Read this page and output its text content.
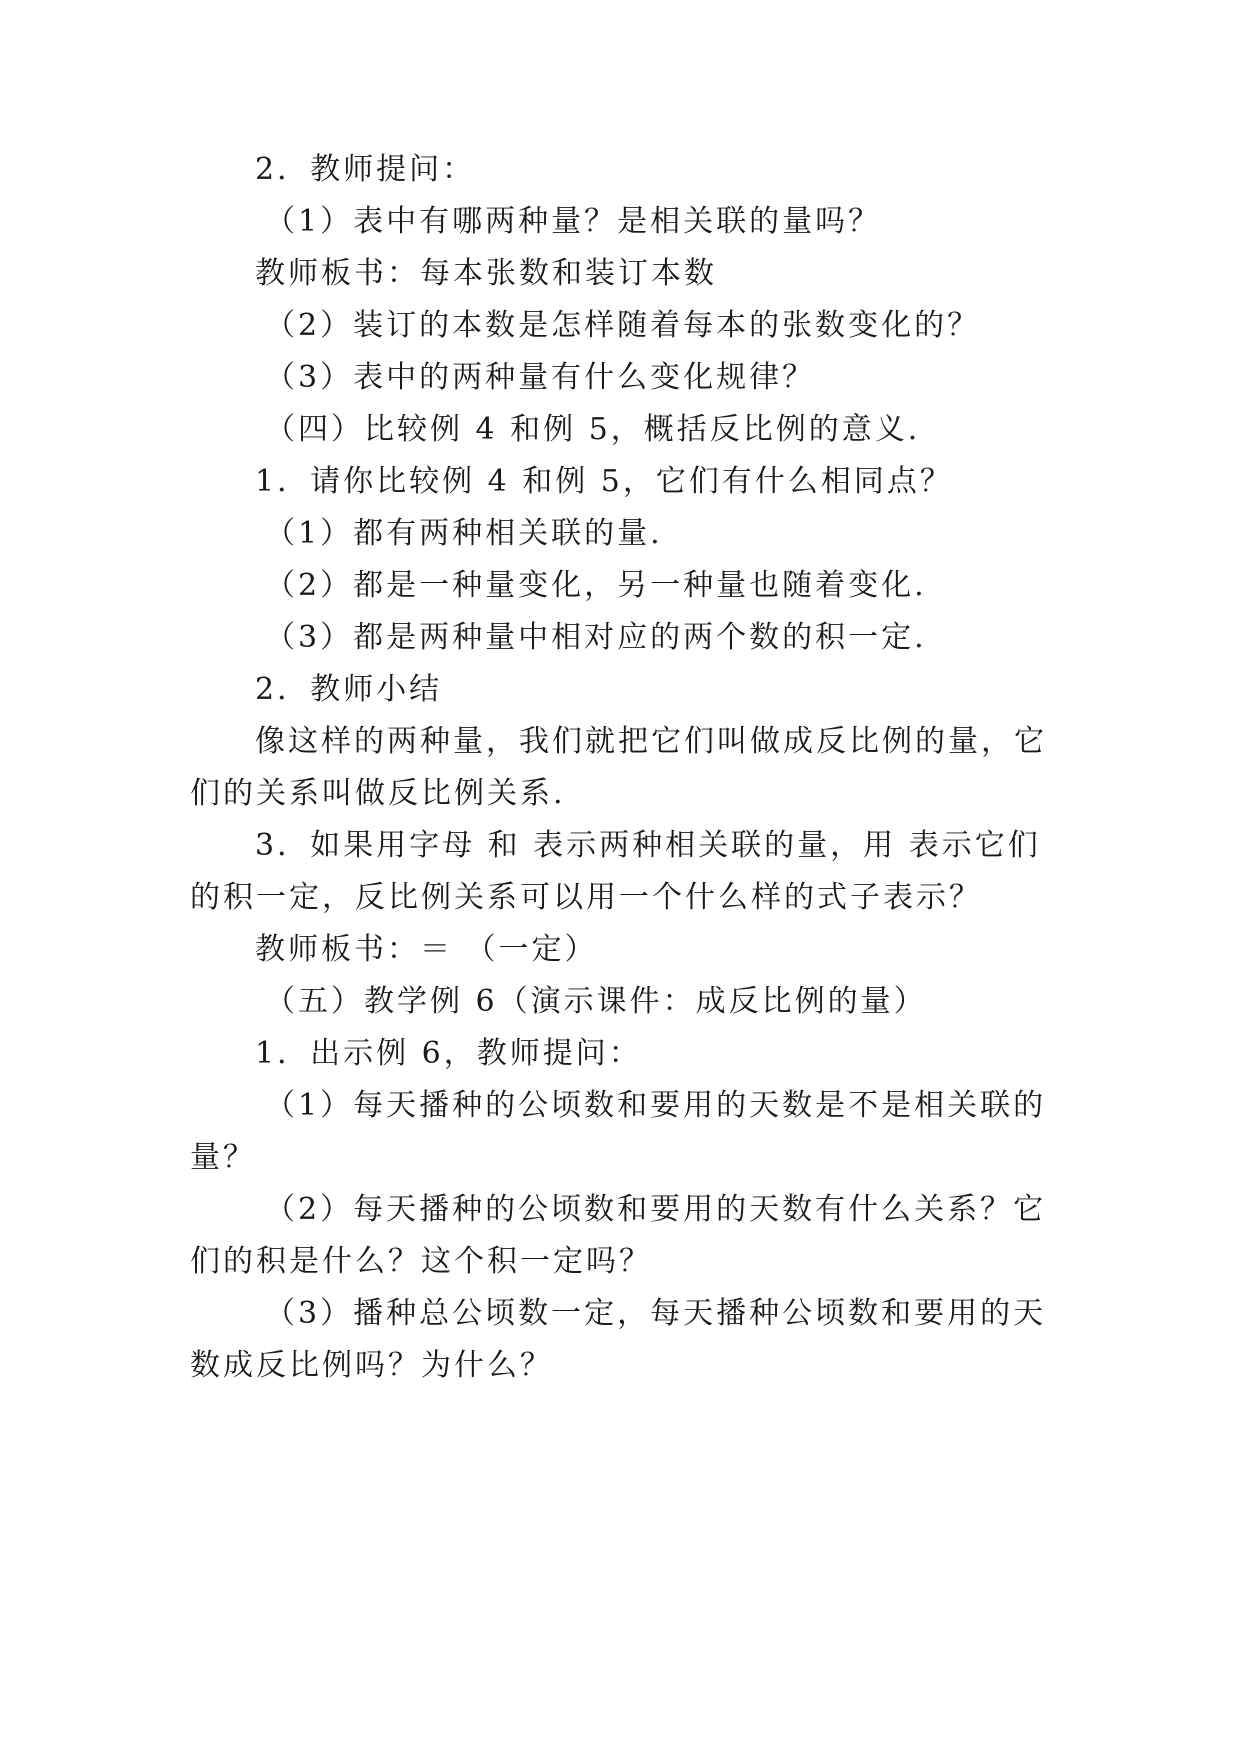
2．教师提问：
（1）表中有哪两种量？是相关联的量吗？
教师板书：每本张数和装订本数
（2）装订的本数是怎样随着每本的张数变化的？
（3）表中的两种量有什么变化规律？
（四）比较例 4 和例 5，概括反比例的意义.
1．请你比较例 4 和例 5，它们有什么相同点？
（1）都有两种相关联的量.
（2）都是一种量变化，另一种量也随着变化.
（3）都是两种量中相对应的两个数的积一定.
2．教师小结
像这样的两种量，我们就把它们叫做成反比例的量，它
们的关系叫做反比例关系.
3．如果用字母 和 表示两种相关联的量，用 表示它们
的积一定，反比例关系可以用一个什么样的式子表示？
教师板书：＝ （一定）
（五）教学例 6（演示课件：成反比例的量）
1．出示例 6，教师提问：
（1）每天播种的公顷数和要用的天数是不是相关联的
量？
（2）每天播种的公顷数和要用的天数有什么关系？它
们的积是什么？这个积一定吗？
（3）播种总公顷数一定，每天播种公顷数和要用的天
数成反比例吗？为什么？
